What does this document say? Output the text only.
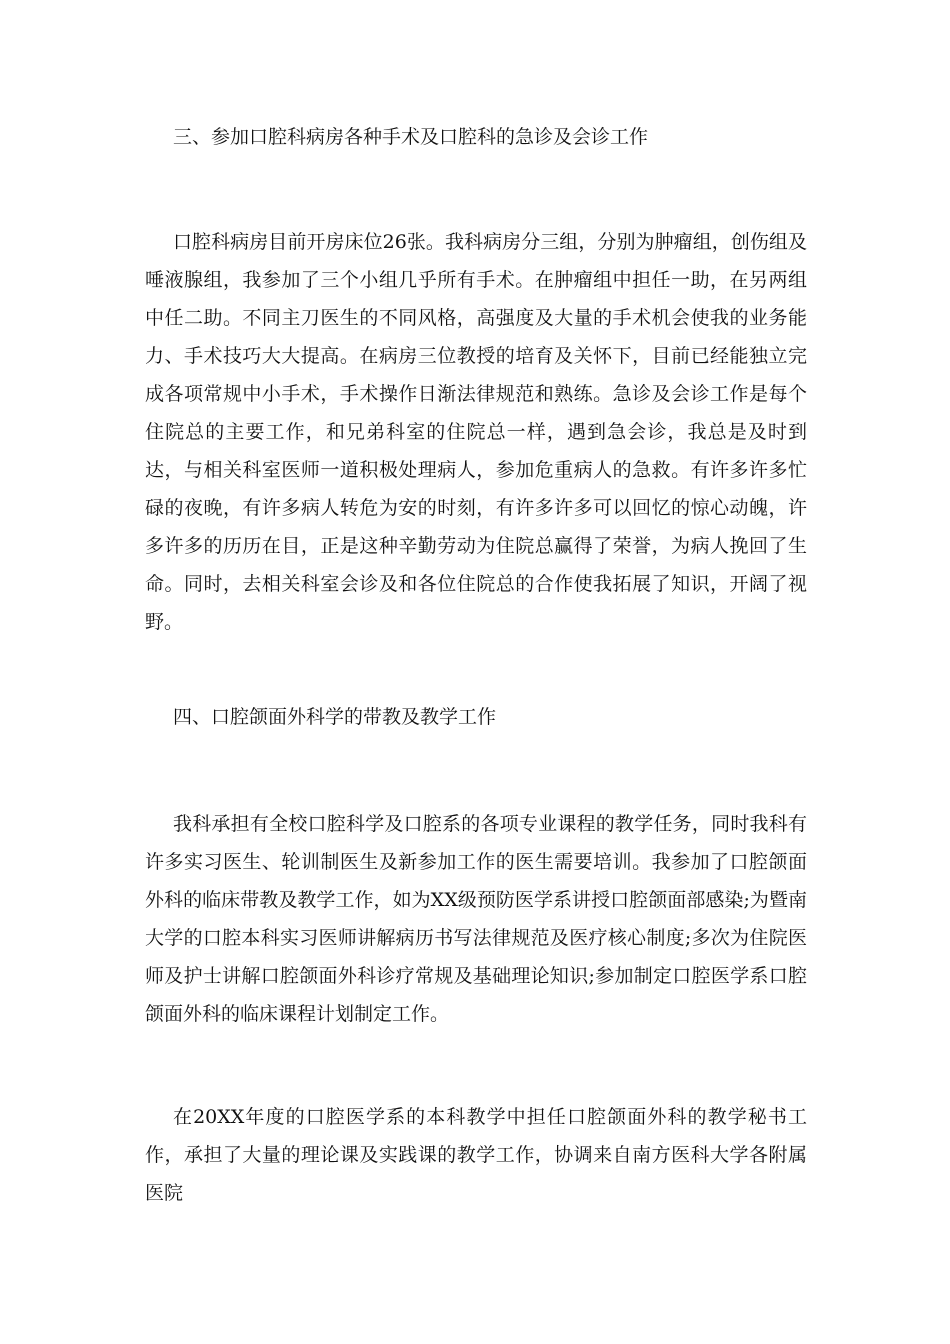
三、参加口腔科病房各种手术及口腔科的急诊及会诊工作

口腔科病房目前开房床位26张。我科病房分三组，分别为肿瘤组，创伤组及唾液腺组，我参加了三个小组几乎所有手术。在肿瘤组中担任一助，在另两组中任二助。不同主刀医生的不同风格，高强度及大量的手术机会使我的业务能力、手术技巧大大提高。在病房三位教授的培育及关怀下，目前已经能独立完成各项常规中小手术，手术操作日渐法律规范和熟练。急诊及会诊工作是每个住院总的主要工作，和兄弟科室的住院总一样，遇到急会诊，我总是及时到达，与相关科室医师一道积极处理病人，参加危重病人的急救。有许多许多忙碌的夜晚，有许多病人转危为安的时刻，有许多许多可以回忆的惊心动魄，许多许多的历历在目，正是这种辛勤劳动为住院总赢得了荣誉，为病人挽回了生命。同时，去相关科室会诊及和各位住院总的合作使我拓展了知识，开阔了视野。

四、口腔颌面外科学的带教及教学工作

我科承担有全校口腔科学及口腔系的各项专业课程的教学任务，同时我科有许多实习医生、轮训制医生及新参加工作的医生需要培训。我参加了口腔颌面外科的临床带教及教学工作，如为XX级预防医学系讲授口腔颌面部感染;为暨南大学的口腔本科实习医师讲解病历书写法律规范及医疗核心制度;多次为住院医师及护士讲解口腔颌面外科诊疗常规及基础理论知识;参加制定口腔医学系口腔颌面外科的临床课程计划制定工作。

在20XX年度的口腔医学系的本科教学中担任口腔颌面外科的教学秘书工作，承担了大量的理论课及实践课的教学工作，协调来自南方医科大学各附属医院
